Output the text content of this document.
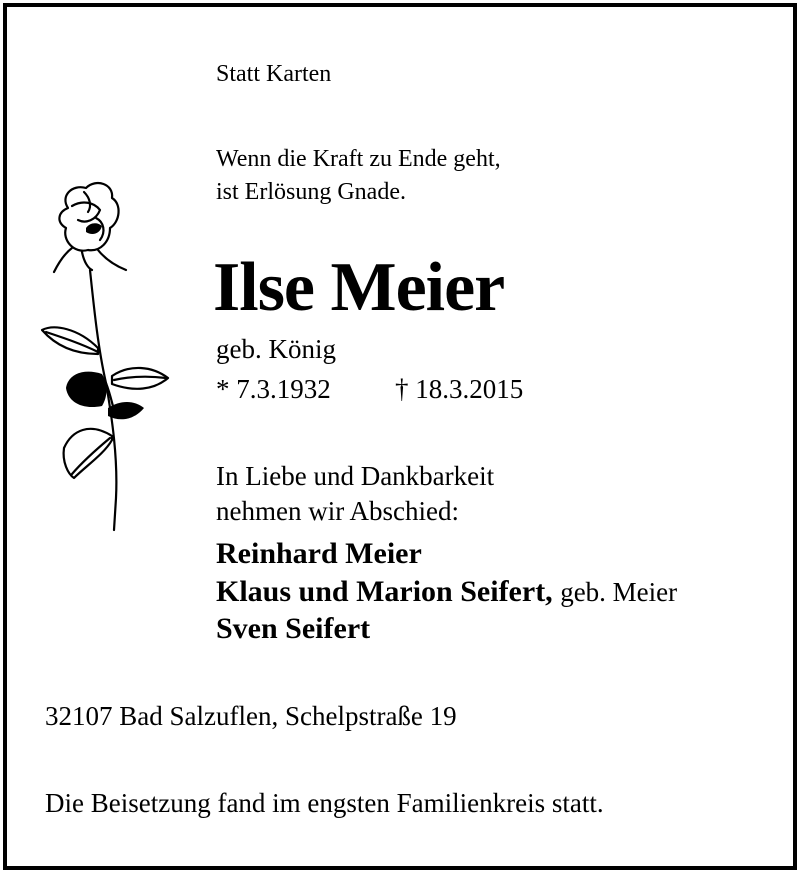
Statt Karten
Wenn die Kraft zu Ende geht,
ist Erlösung Gnade.
Ilse Meier
geb. König
* 7.3.1932 † 18.3.2015
In Liebe und Dankbarkeit
nehmen wir Abschied:
Reinhard Meier
Klaus und Marion Seifert, geb. Meier
Sven Seifert
32107 Bad Salzuflen, Schelpstraße 19
Die Beisetzung fand im engsten Familienkreis statt.
